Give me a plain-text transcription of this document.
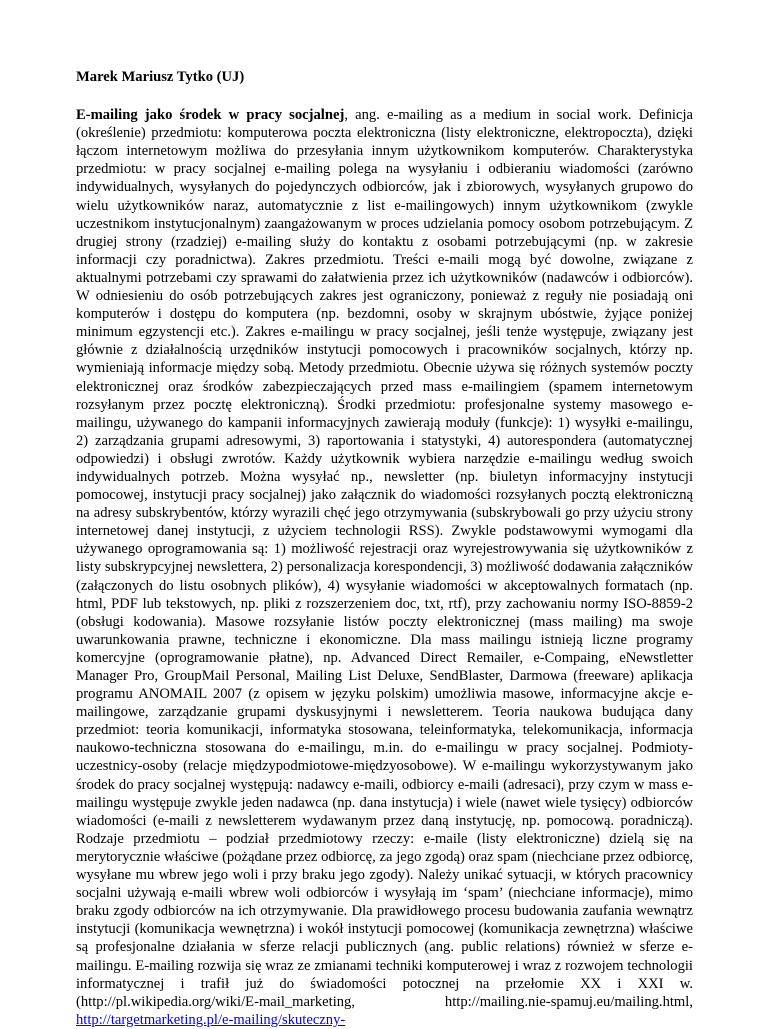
Marek Mariusz Tytko (UJ)

E-mailing jako środek w pracy socjalnej, ang. e-mailing as a medium in social work. Definicja (określenie) przedmiotu: komputerowa poczta elektroniczna (listy elektroniczne, elektropoczta), dzięki łączom internetowym możliwa do przesyłania innym użytkownikom komputerów. Charakterystyka przedmiotu: w pracy socjalnej e-mailing polega na wysyłaniu i odbieraniu wiadomości (zarówno indywidualnych, wysyłanych do pojedynczych odbiorców, jak i zbiorowych, wysyłanych grupowo do wielu użytkowników naraz, automatycznie z list e-mailingowych) innym użytkownikom (zwykle uczestnikom instytucjonalnym) zaangażowanym w proces udzielania pomocy osobom potrzebującym. Z drugiej strony (rzadziej) e-mailing służy do kontaktu z osobami potrzebującymi (np. w zakresie informacji czy poradnictwa). Zakres przedmiotu. Treści e-maili mogą być dowolne, związane z aktualnymi potrzebami czy sprawami do załatwienia przez ich użytkowników (nadawców i odbiorców). W odniesieniu do osób potrzebujących zakres jest ograniczony, ponieważ z reguły nie posiadają oni komputerów i dostępu do komputera (np. bezdomni, osoby w skrajnym ubóstwie, żyjące poniżej minimum egzystencji etc.). Zakres e-mailingu w pracy socjalnej, jeśli tenże występuje, związany jest głównie z działalnością urzędników instytucji pomocowych i pracowników socjalnych, którzy np. wymieniają informacje między sobą. Metody przedmiotu. Obecnie używa się różnych systemów poczty elektronicznej oraz środków zabezpieczających przed mass e-mailingiem (spamem internetowym rozsyłanym przez pocztę elektroniczną). Środki przedmiotu: profesjonalne systemy masowego e-mailingu, używanego do kampanii informacyjnych zawierają moduły (funkcje): 1) wysyłki e-mailingu, 2) zarządzania grupami adresowymi, 3) raportowania i statystyki, 4) autorespondera (automatycznej odpowiedzi) i obsługi zwrotów. Każdy użytkownik wybiera narzędzie e-mailingu według swoich indywidualnych potrzeb. Można wysyłać np., newsletter (np. biuletyn informacyjny instytucji pomocowej, instytucji pracy socjalnej) jako załącznik do wiadomości rozsyłanych pocztą elektroniczną na adresy subskrybentów, którzy wyrazili chęć jego otrzymywania (subskrybowali go przy użyciu strony internetowej danej instytucji, z użyciem technologii RSS). Zwykle podstawowymi wymogami dla używanego oprogramowania są: 1) możliwość rejestracji oraz wyrejestrowywania się użytkowników z listy subskrypcyjnej newslettera, 2) personalizacja korespondencji, 3) możliwość dodawania załączników (załączonych do listu osobnych plików), 4) wysyłanie wiadomości w akceptowalnych formatach (np. html, PDF lub tekstowych, np. pliki z rozszerzeniem doc, txt, rtf), przy zachowaniu normy ISO-8859-2 (obsługi kodowania). Masowe rozsyłanie listów poczty elektronicznej (mass mailing) ma swoje uwarunkowania prawne, techniczne i ekonomiczne. Dla mass mailingu istnieją liczne programy komercyjne (oprogramowanie płatne), np. Advanced Direct Remailer, e-Compaing, eNewstletter Manager Pro, GroupMail Personal, Mailing List Deluxe, SendBlaster, Darmowa (freeware) aplikacja programu ANOMAIL 2007 (z opisem w języku polskim) umożliwia masowe, informacyjne akcje e-mailingowe, zarządzanie grupami dyskusyjnymi i newsletterem. Teoria naukowa budująca dany przedmiot: teoria komunikacji, informatyka stosowana, teleinformatyka, telekomunikacja, informacja naukowo-techniczna stosowana do e-mailingu, m.in. do e-mailingu w pracy socjalnej. Podmioty-uczestnicy-osoby (relacje międzypodmiotowe-międzyosobowe). W e-mailingu wykorzystywanym jako środek do pracy socjalnej występują: nadawcy e-maili, odbiorcy e-maili (adresaci), przy czym w mass e-mailingu występuje zwykle jeden nadawca (np. dana instytucja) i wiele (nawet wiele tysięcy) odbiorców wiadomości (e-maili z newsletterem wydawanym przez daną instytucję, np. pomocową. poradniczą). Rodzaje przedmiotu – podział przedmiotowy rzeczy: e-maile (listy elektroniczne) dzielą się na merytorycznie właściwe (pożądane przez odbiorcę, za jego zgodą) oraz spam (niechciane przez odbiorcę, wysyłane mu wbrew jego woli i przy braku jego zgody). Należy unikać sytuacji, w których pracownicy socjalni używają e-maili wbrew woli odbiorców i wysyłają im ‘spam’ (niechciane informacje), mimo braku zgody odbiorców na ich otrzymywanie. Dla prawidłowego procesu budowania zaufania wewnątrz instytucji (komunikacja wewnętrzna) i wokół instytucji pomocowej (komunikacja zewnętrzna) właściwe są profesjonalne działania w sferze relacji publicznych (ang. public relations) również w sferze e-mailingu. E-mailing rozwija się wraz ze zmianami techniki komputerowej i wraz z rozwojem technologii informatycznej i trafił już do świadomości potocznej na przełomie XX i XXI w. (http://pl.wikipedia.org/wiki/E-mail_marketing, http://mailing.nie-spamuj.eu/mailing.html, http://targetmarketing.pl/e-mailing/skuteczny-
